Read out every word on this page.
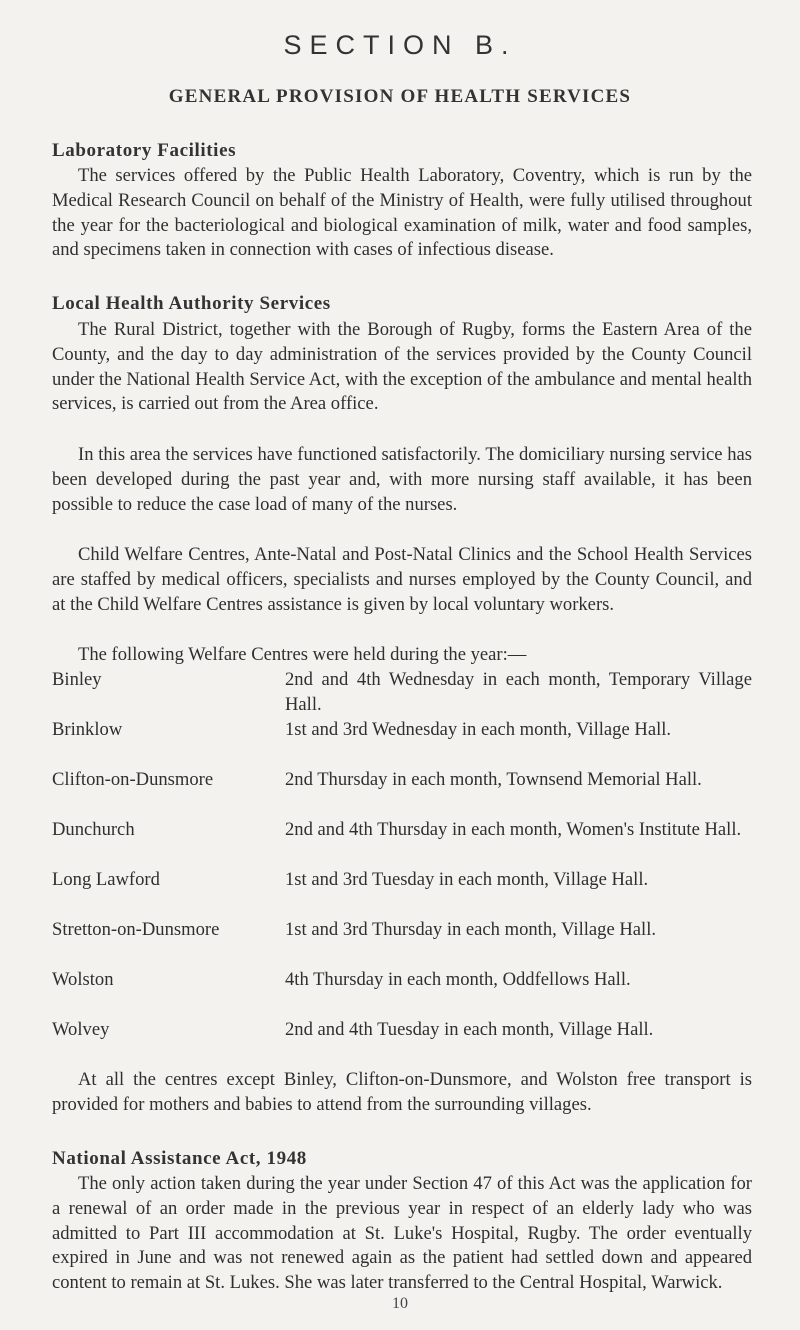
SECTION B.
GENERAL PROVISION OF HEALTH SERVICES
Laboratory Facilities
The services offered by the Public Health Laboratory, Coventry, which is run by the Medical Research Council on behalf of the Ministry of Health, were fully utilised throughout the year for the bacteriological and biological examination of milk, water and food samples, and specimens taken in connection with cases of infectious disease.
Local Health Authority Services
The Rural District, together with the Borough of Rugby, forms the Eastern Area of the County, and the day to day administration of the services provided by the County Council under the National Health Service Act, with the exception of the ambulance and mental health services, is carried out from the Area office.
In this area the services have functioned satisfactorily. The domiciliary nursing service has been developed during the past year and, with more nursing staff available, it has been possible to reduce the case load of many of the nurses.
Child Welfare Centres, Ante-Natal and Post-Natal Clinics and the School Health Services are staffed by medical officers, specialists and nurses employed by the County Council, and at the Child Welfare Centres assistance is given by local voluntary workers.
The following Welfare Centres were held during the year:—
Binley	2nd and 4th Wednesday in each month, Temporary Village Hall.
Brinklow	1st and 3rd Wednesday in each month, Village Hall.
Clifton-on-Dunsmore	2nd Thursday in each month, Townsend Memorial Hall.
Dunchurch	2nd and 4th Thursday in each month, Women's Institute Hall.
Long Lawford	1st and 3rd Tuesday in each month, Village Hall.
Stretton-on-Dunsmore	1st and 3rd Thursday in each month, Village Hall.
Wolston	4th Thursday in each month, Oddfellows Hall.
Wolvey	2nd and 4th Tuesday in each month, Village Hall.
At all the centres except Binley, Clifton-on-Dunsmore, and Wolston free transport is provided for mothers and babies to attend from the surrounding villages.
National Assistance Act, 1948
The only action taken during the year under Section 47 of this Act was the application for a renewal of an order made in the previous year in respect of an elderly lady who was admitted to Part III accommodation at St. Luke's Hospital, Rugby. The order eventually expired in June and was not renewed again as the patient had settled down and appeared content to remain at St. Lukes. She was later transferred to the Central Hospital, Warwick.
10
